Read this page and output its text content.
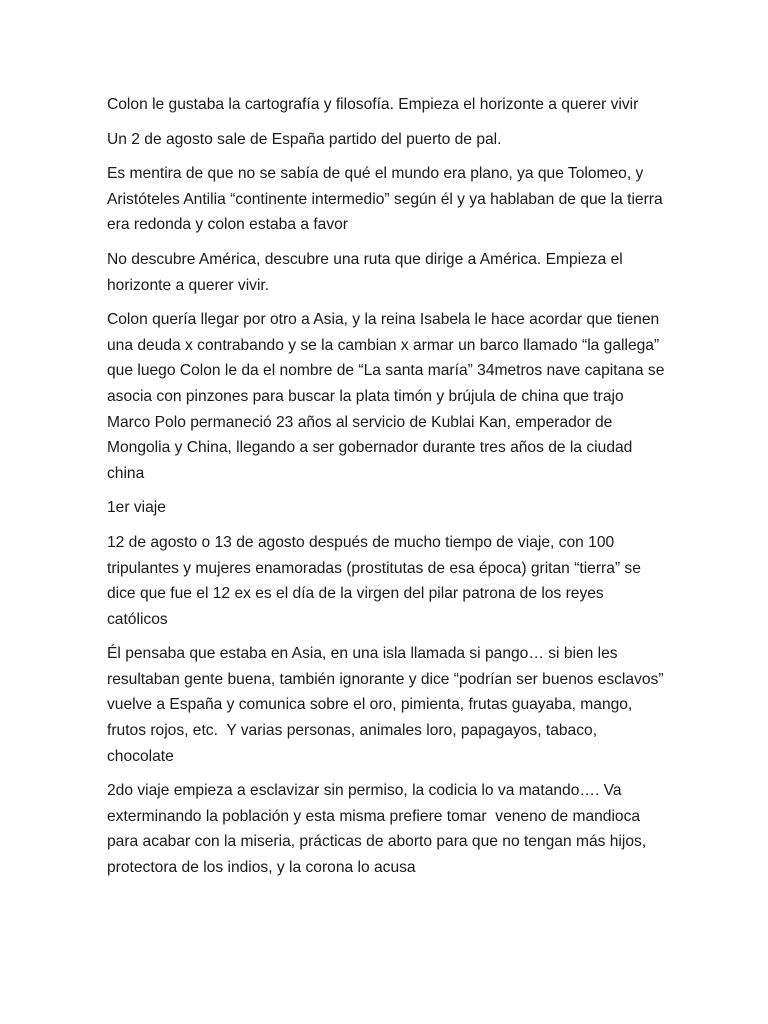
Colon le gustaba la cartografía y filosofía. Empieza el horizonte a querer vivir

Un 2 de agosto sale de España partido del puerto de pal.

Es mentira de que no se sabía de qué el mundo era plano, ya que Tolomeo, y Aristóteles Antilia “continente intermedio” según él y ya hablaban de que la tierra era redonda y colon estaba a favor

No descubre América, descubre una ruta que dirige a América. Empieza el horizonte a querer vivir.

Colon quería llegar por otro a Asia, y la reina Isabela le hace acordar que tienen una deuda x contrabando y se la cambian x armar un barco llamado “la gallega” que luego Colon le da el nombre de “La santa maría” 34metros nave capitana se asocia con pinzones para buscar la plata timón y brújula de china que trajo Marco Polo permaneció 23 años al servicio de Kublai Kan, emperador de Mongolia y China, llegando a ser gobernador durante tres años de la ciudad china

1er viaje

12 de agosto o 13 de agosto después de mucho tiempo de viaje, con 100 tripulantes y mujeres enamoradas (prostitutas de esa época) gritan “tierra” se dice que fue el 12 ex es el día de la virgen del pilar patrona de los reyes católicos

Él pensaba que estaba en Asia, en una isla llamada si pango… si bien les resultaban gente buena, también ignorante y dice “podrían ser buenos esclavos” vuelve a España y comunica sobre el oro, pimienta, frutas guayaba, mango, frutos rojos, etc.  Y varias personas, animales loro, papagayos, tabaco, chocolate

2do viaje empieza a esclavizar sin permiso, la codicia lo va matando…. Va exterminando la población y esta misma prefiere tomar  veneno de mandioca para acabar con la miseria, prácticas de aborto para que no tengan más hijos, protectora de los indios, y la corona lo acusa
